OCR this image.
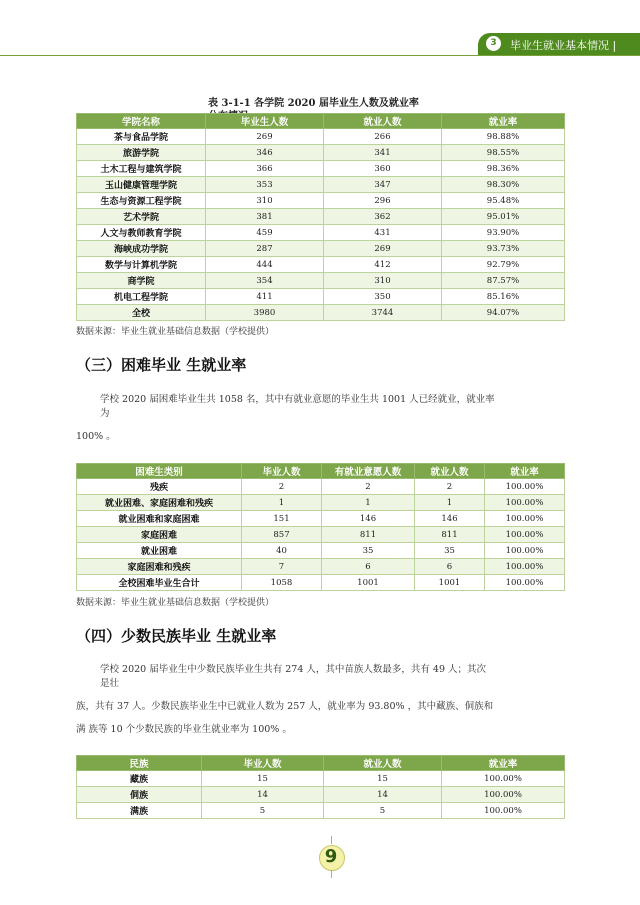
3	毕业生就业基本情况 |
表 3-1-1 各学院 2020 届毕业生人数及就业率
学院名称	毕业生人数	就业人数	就业率
茶与食品学院	269	266	98.88%
旅游学院	346	341	98.55%
土木工程与建筑学院	366	360	98.36%
玉山健康管理学院	353	347	98.30%
生态与资源工程学院	310	296	95.48%
艺术学院	381	362	95.01%
人文与教师教育学院	459	431	93.90%
海峡成功学院	287	269	93.73%
数学与计算机学院	444	412	92.79%
商学院	354	310	87.57%
机电工程学院	411	350	85.16%
全校	3980	3744	94.07%
数据来源：毕业生就业基础信息数据（学校提供）
（三）困难毕业 生就业率
学校 2020 届困难毕业生共 1058 名，其中有就业意愿的毕业生共 1001 人已经就业，就业率
为
100% 。
困难生类别	毕业人数	有就业意愿人数	就业人数	就业率
残疾	2	2	2	100.00%
就业困难、家庭困难和残疾	1	1	1	100.00%
就业困难和家庭困难	151	146	146	100.00%
家庭困难	857	811	811	100.00%
就业困难	40	35	35	100.00%
家庭困难和残疾	7	6	6	100.00%
全校困难毕业生合计	1058	1001	1001	100.00%
数据来源：毕业生就业基础信息数据（学校提供）
（四）少数民族毕业 生就业率
学校 2020 届毕业生中少数民族毕业生共有 274 人，其中苗族人数最多，共有 49 人；其次
是壮
族，共有 37 人。少数民族毕业生中已就业人数为 257 人，就业率为 93.80% ，其中藏族、侗族和
满 族等 10 个少数民族的毕业生就业率为 100% 。
民族	毕业人数	就业人数	就业率
藏族	15	15	100.00%
侗族	14	14	100.00%
满族	5	5	100.00%
9
